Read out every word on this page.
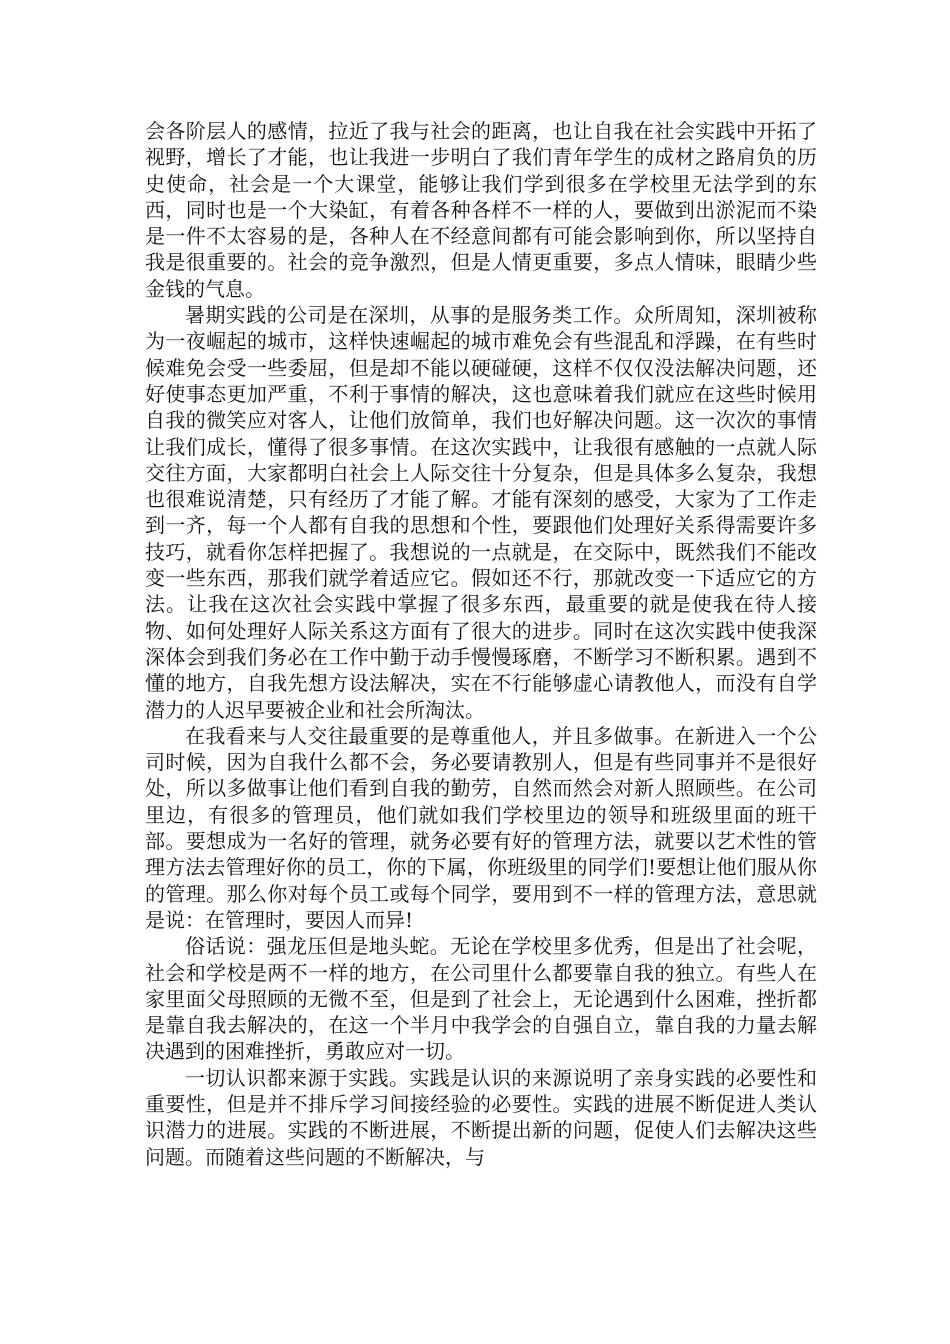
会各阶层人的感情，拉近了我与社会的距离，也让自我在社会实践中开拓了视野，增长了才能，也让我进一步明白了我们青年学生的成材之路肩负的历史使命，社会是一个大课堂，能够让我们学到很多在学校里无法学到的东西，同时也是一个大染缸，有着各种各样不一样的人，要做到出淤泥而不染是一件不太容易的是，各种人在不经意间都有可能会影响到你，所以坚持自我是很重要的。社会的竞争激烈，但是人情更重要，多点人情味，眼睛少些金钱的气息。

暑期实践的公司是在深圳，从事的是服务类工作。众所周知，深圳被称为一夜崛起的城市，这样快速崛起的城市难免会有些混乱和浮躁，在有些时候难免会受一些委屈，但是却不能以硬碰硬，这样不仅仅没法解决问题，还好使事态更加严重，不利于事情的解决，这也意味着我们就应在这些时候用自我的微笑应对客人，让他们放简单，我们也好解决问题。这一次次的事情让我们成长，懂得了很多事情。在这次实践中，让我很有感触的一点就人际交往方面，大家都明白社会上人际交往十分复杂，但是具体多么复杂，我想也很难说清楚，只有经历了才能了解。才能有深刻的感受，大家为了工作走到一齐，每一个人都有自我的思想和个性，要跟他们处理好关系得需要许多技巧，就看你怎样把握了。我想说的一点就是，在交际中，既然我们不能改变一些东西，那我们就学着适应它。假如还不行，那就改变一下适应它的方法。让我在这次社会实践中掌握了很多东西，最重要的就是使我在待人接物、如何处理好人际关系这方面有了很大的进步。同时在这次实践中使我深深体会到我们务必在工作中勤于动手慢慢琢磨，不断学习不断积累。遇到不懂的地方，自我先想方设法解决，实在不行能够虚心请教他人，而没有自学潜力的人迟早要被企业和社会所淘汰。

在我看来与人交往最重要的是尊重他人，并且多做事。在新进入一个公司时候，因为自我什么都不会，务必要请教别人，但是有些同事并不是很好处，所以多做事让他们看到自我的勤劳，自然而然会对新人照顾些。在公司里边，有很多的管理员，他们就如我们学校里边的领导和班级里面的班干部。要想成为一名好的管理，就务必要有好的管理方法，就要以艺术性的管理方法去管理好你的员工，你的下属，你班级里的同学们!要想让他们服从你的管理。那么你对每个员工或每个同学，要用到不一样的管理方法，意思就是说：在管理时，要因人而异!

俗话说：强龙压但是地头蛇。无论在学校里多优秀，但是出了社会呢，社会和学校是两不一样的地方，在公司里什么都要靠自我的独立。有些人在家里面父母照顾的无微不至，但是到了社会上，无论遇到什么困难，挫折都是靠自我去解决的，在这一个半月中我学会的自强自立，靠自我的力量去解决遇到的困难挫折，勇敢应对一切。

一切认识都来源于实践。实践是认识的来源说明了亲身实践的必要性和重要性，但是并不排斥学习间接经验的必要性。实践的进展不断促进人类认识潜力的进展。实践的不断进展，不断提出新的问题，促使人们去解决这些问题。而随着这些问题的不断解决，与
